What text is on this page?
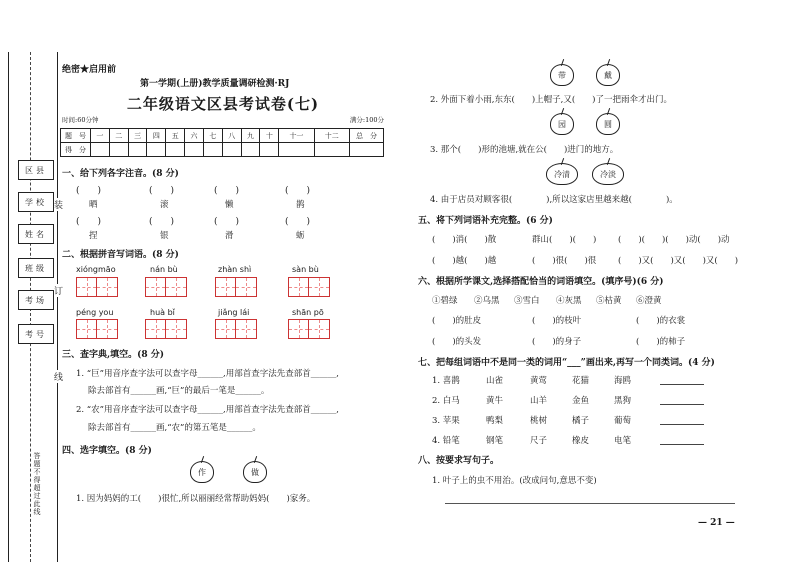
区县
学校
姓名
班级
考场
考号
装
订
线
答题不得超过此线
绝密★启用前
第一学期(上册)教学质量调研检测·RJ
二年级语文区县考试卷(七)
时间:60分钟	满分:100分
题　号	一	二	三	四	五	六	七	八	九	十	十一	十二	总　分
得　分													
一、给下列各字注音。(8 分)
(　　)	(　　)	(　　)	(　　)
晒	滚	懒	鹊
(　　)	(　　)	(　　)	(　　)
捏	银	滑	蛎
二、根据拼音写词语。(8 分)
xióngmāo	nán bù	zhàn shì	sàn bù
péng you	huà bǐ	jiǎng lái	shān pō
三、查字典,填空。(8 分)
1. “巨”用音序查字法可以查字母______,用部首查字法先查部首______,
除去部首有______画,“巨”的最后一笔是______。
2. “农”用音序查字法可以查字母______,用部首查字法先查部首______,
除去部首有______画,“农”的第五笔是______。
四、选字填空。(8 分)
作	做
1. 因为妈妈的工(　　)很忙,所以丽丽经常帮助妈妈(　　)家务。
带	戴
2. 外面下着小雨,东东(　　)上帽子,又(　　)了一把雨伞才出门。
园	圆
3. 那个(　　)形的池塘,就在公(　　)进门的地方。
冷清	冷淡
4. 由于店员对顾客很(　　　　),所以这家店里越来越(　　　　)。
五、将下列词语补充完整。(6 分)
(　　)消(　　)散	群山(　　)(　　)	(　　)(　　)(　　)动(　　)动
(　　)越(　　)越	(　　)很(　　)很	(　　)又(　　)又(　　)又(　　)
六、根据所学课文,选择搭配恰当的词语填空。(填序号)(6 分)
①碧绿 ②乌黑 ③雪白 ④灰黑 ⑤枯黄 ⑥澄黄
(　　)的肚皮	(　　)的枝叶	(　　)的衣裳
(　　)的头发	(　　)的身子	(　　)的柿子
七、把每组词语中不是同一类的词用“___”画出来,再写一个同类词。(4 分)
1. 喜鹊	山雀	黄莺	花猫	海鸥
2. 白马	黄牛	山羊	金鱼	黑狗
3. 苹果	鸭梨	桃树	橘子	葡萄
4. 铅笔	钢笔	尺子	橡皮	电笔
八、按要求写句子。
1. 叶子上的虫不用治。(改成问句,意思不变)
— 21 —
